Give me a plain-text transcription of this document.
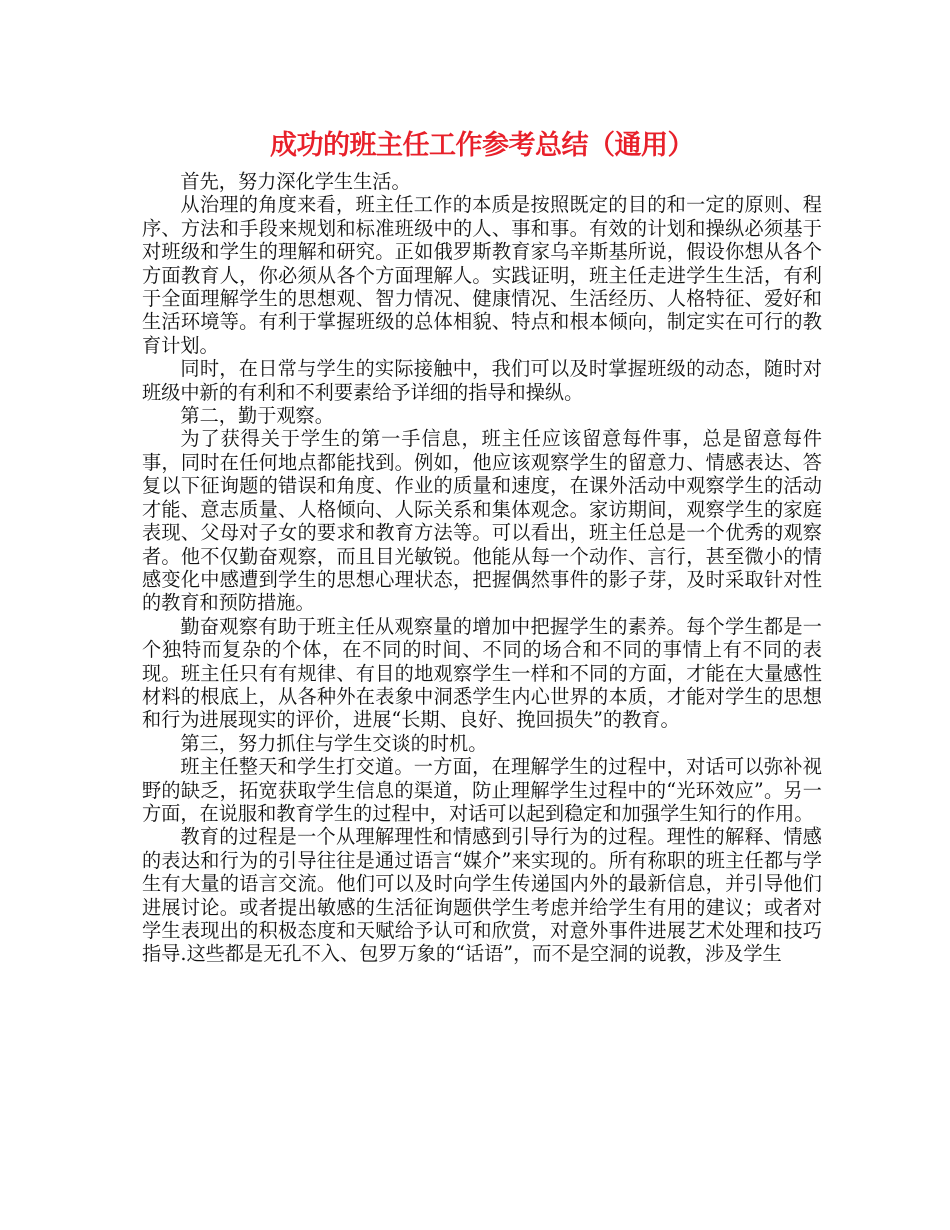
成功的班主任工作参考总结（通用）

首先，努力深化学生生活。

从治理的角度来看，班主任工作的本质是按照既定的目的和一定的原则、程序、方法和手段来规划和标准班级中的人、事和事。有效的计划和操纵必须基于对班级和学生的理解和研究。正如俄罗斯教育家乌辛斯基所说，假设你想从各个方面教育人，你必须从各个方面理解人。实践证明，班主任走进学生生活，有利于全面理解学生的思想观、智力情况、健康情况、生活经历、人格特征、爱好和生活环境等。有利于掌握班级的总体相貌、特点和根本倾向，制定实在可行的教育计划。

同时，在日常与学生的实际接触中，我们可以及时掌握班级的动态，随时对班级中新的有利和不利要素给予详细的指导和操纵。

第二，勤于观察。

为了获得关于学生的第一手信息，班主任应该留意每件事，总是留意每件事，同时在任何地点都能找到。例如，他应该观察学生的留意力、情感表达、答复以下征询题的错误和角度、作业的质量和速度，在课外活动中观察学生的活动才能、意志质量、人格倾向、人际关系和集体观念。家访期间，观察学生的家庭表现、父母对子女的要求和教育方法等。可以看出，班主任总是一个优秀的观察者。他不仅勤奋观察，而且目光敏锐。他能从每一个动作、言行，甚至微小的情感变化中感遭到学生的思想心理状态，把握偶然事件的影子芽，及时采取针对性的教育和预防措施。

勤奋观察有助于班主任从观察量的增加中把握学生的素养。每个学生都是一个独特而复杂的个体，在不同的时间、不同的场合和不同的事情上有不同的表现。班主任只有有规律、有目的地观察学生一样和不同的方面，才能在大量感性材料的根底上，从各种外在表象中洞悉学生内心世界的本质，才能对学生的思想和行为进展现实的评价，进展“长期、良好、挽回损失”的教育。

第三，努力抓住与学生交谈的时机。

班主任整天和学生打交道。一方面，在理解学生的过程中，对话可以弥补视野的缺乏，拓宽获取学生信息的渠道，防止理解学生过程中的“光环效应”。另一方面，在说服和教育学生的过程中，对话可以起到稳定和加强学生知行的作用。

教育的过程是一个从理解理性和情感到引导行为的过程。理性的解释、情感的表达和行为的引导往往是通过语言“媒介”来实现的。所有称职的班主任都与学生有大量的语言交流。他们可以及时向学生传递国内外的最新信息，并引导他们进展讨论。或者提出敏感的生活征询题供学生考虑并给学生有用的建议；或者对学生表现出的积极态度和天赋给予认可和欣赏，对意外事件进展艺术处理和技巧指导.这些都是无孔不入、包罗万象的“话语”，而不是空洞的说教，涉及学生
